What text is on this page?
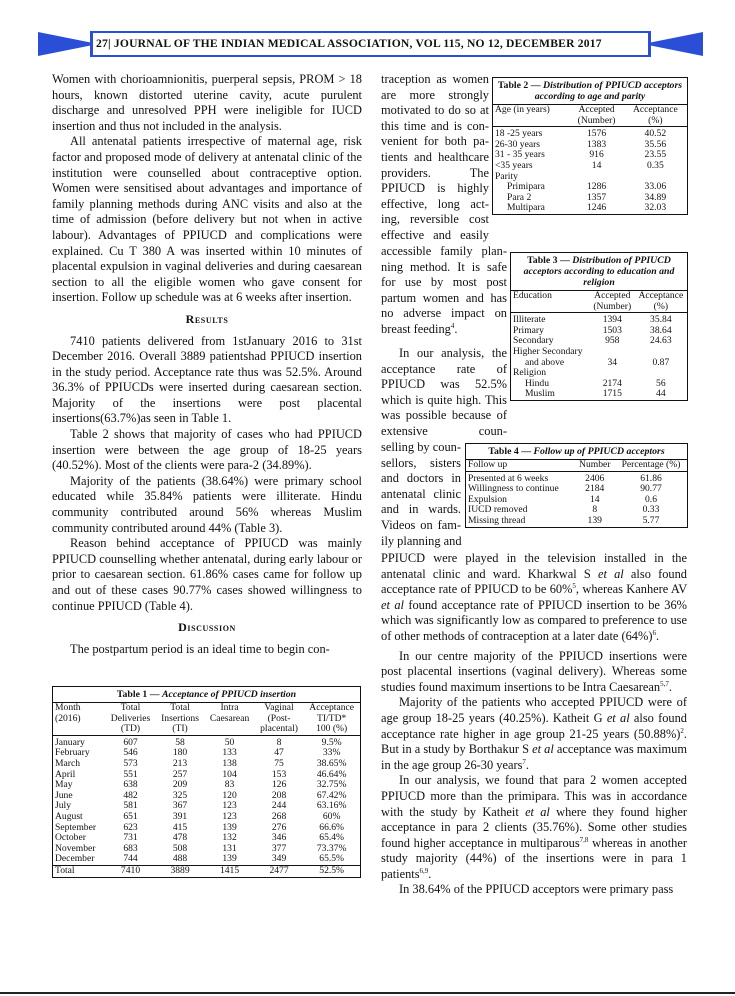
27| JOURNAL OF THE INDIAN MEDICAL ASSOCIATION, VOL 115, NO 12, DECEMBER 2017

Women with chorioamnionitis, puerperal sepsis, PROM > 18 hours, known distorted uterine cavity, acute purulent discharge and unresolved PPH were ineligible for IUCD insertion and thus not included in the analysis.

All antenatal patients irrespective of maternal age, risk factor and proposed mode of delivery at antenatal clinic of the institution were counselled about contraceptive option. Women were sensitised about advantages and importance of family planning methods during ANC visits and also at the time of admission (before delivery but not when in active labour). Advantages of PPIUCD and complications were explained. Cu T 380 A was inserted within 10 minutes of placental expulsion in vaginal deliveries and during caesarean section to all the eligible women who gave consent for insertion. Follow up schedule was at 6 weeks after insertion.

Results

7410 patients delivered from 1stJanuary 2016 to 31st December 2016. Overall 3889 patientshad PPIUCD insertion in the study period. Acceptance rate thus was 52.5%. Around 36.3% of PPIUCDs were inserted during caesarean section. Majority of the insertions were post placental insertions(63.7%)as seen in Table 1.

Table 2 shows that majority of cases who had PPIUCD insertion were between the age group of 18-25 years (40.52%). Most of the clients were para-2 (34.89%).

Majority of the patients (38.64%) were primary school educated while 35.84% patients were illiterate. Hindu community contributed around 56% whereas Muslim community contributed around 44% (Table 3).

Reason behind acceptance of PPIUCD was mainly PPIUCD counselling whether antenatal, during early labour or prior to caesarean section. 61.86% cases came for follow up and out of these cases 90.77% cases showed willingness to continue PPIUCD (Table 4).

Discussion

The postpartum period is an ideal time to begin con-

Table 1 — Acceptance of PPIUCD insertion
Month	Total	Total	Intra	Vaginal	Acceptance
(2016)	Deliveries	Insertions	Caesarean	(Post-	TI/TD*
	(TD)	(TI)		placental)	100 (%)
January	607	58	50	8	9.5%
February	546	180	133	47	33%
March	573	213	138	75	38.65%
April	551	257	104	153	46.64%
May	638	209	83	126	32.75%
June	482	325	120	208	67.42%
July	581	367	123	244	63.16%
August	651	391	123	268	60%
September	623	415	139	276	66.6%
October	731	478	132	346	65.4%
November	683	508	131	377	73.37%
December	744	488	139	349	65.5%
Total	7410	3889	1415	2477	52.5%
traception as women
are more strongly
motivated to do so at
this time and is con-
venient for both pa-
tients and healthcare
providers. The
PPIUCD is highly
effective, long act-
ing, reversible cost
effective and easily
accessible family plan-
ning method. It is safe
for use by most post
partum women and has
no adverse impact on
breast feeding$^4$.
In our analysis, the
acceptance rate of
PPIUCD was 52.5%
which is quite high. This
was possible because of
extensive coun-
selling by coun-
sellors, sisters
and doctors in
antenatal clinic
and in wards.
Videos on fam-
ily planning and
Table 2 — Distribution of PPIUCD acceptors according to age and parity
Age (in years)	Accepted	Acceptance
	(Number)	(%)
18 -25 years	1576	40.52
26-30 years	1383	35.56
31 - 35 years	916	23.55
<35 years	14	0.35
Parity		
Primipara	1286	33.06
Para 2	1357	34.89
Multipara	1246	32.03
Table 3 — Distribution of PPIUCD acceptors according to education and religion
Education	Accepted	Acceptance
	(Number)	(%)
Illiterate	1394	35.84
Primary	1503	38.64
Secondary	958	24.63
Higher Secondary		
and above	34	0.87
Religion		
Hindu	2174	56
Muslim	1715	44
Table 4 — Follow up of PPIUCD acceptors
Follow up	Number	Percentage (%)
Presented at 6 weeks	2406	61.86
Willingness to continue	2184	90.77
Expulsion	14	0.6
IUCD removed	8	0.33
Missing thread	139	5.77

PPIUCD were played in the television installed in the antenatal clinic and ward. Kharkwal S et al also found acceptance rate of PPIUCD to be 60%$^5$, whereas Kanhere AV et al found acceptance rate of PPIUCD insertion to be 36% which was significantly low as compared to preference to use of other methods of contraception at a later date $(64\%)^6$.

In our centre majority of the PPIUCD insertions were post placental insertions (vaginal delivery). Whereas some studies found maximum insertions to be Intra Caesarean$^{5,7}$.

Majority of the patients who accepted PPIUCD were of age group 18-25 years (40.25%). Katheit G et al also found acceptance rate higher in age group 21-25 years $(50.88\%)^2$. But in a study by Borthakur S et al acceptance was maximum in the age group 26-30 years$^7$.

In our analysis, we found that para 2 women accepted PPIUCD more than the primipara. This was in accordance with the study by Katheit et al where they found higher acceptance in para 2 clients (35.76%). Some other studies found higher acceptance in multiparous$^{7,8}$ whereas in another study majority (44%) of the insertions were in para 1 patients$^{6,9}$.

In 38.64% of the PPIUCD acceptors were primary pass
